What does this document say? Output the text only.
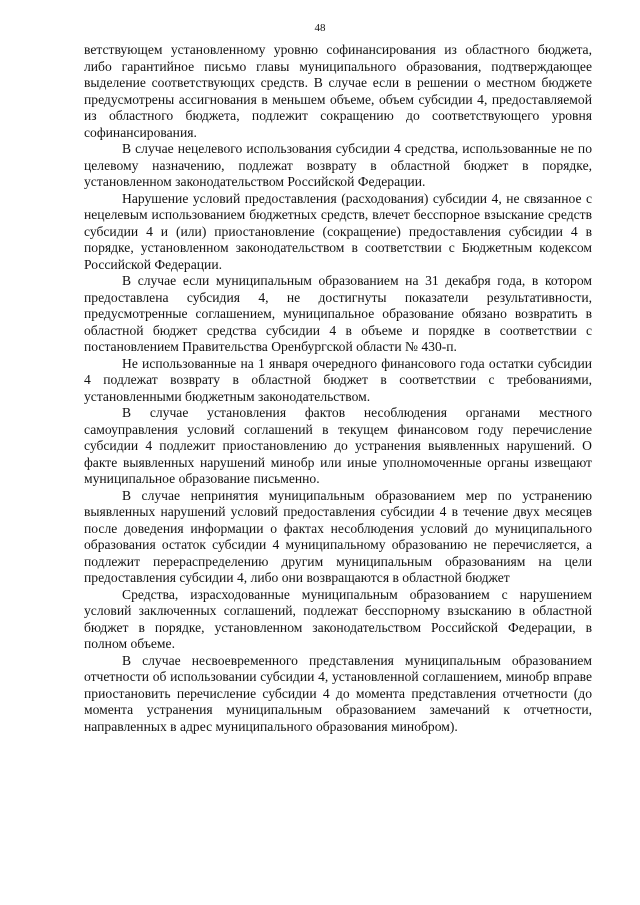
48

ветствующем установленному уровню софинансирования из областного бюджета, либо гарантийное письмо главы муниципального образования, подтверждающее выделение соответствующих средств. В случае если в решении о местном бюджете предусмотрены ассигнования в меньшем объеме, объем субсидии 4, предоставляемой из областного бюджета, подлежит сокращению до соответствующего уровня софинансирования.

В случае нецелевого использования субсидии 4 средства, использованные не по целевому назначению, подлежат возврату в областной бюджет в порядке, установленном законодательством Российской Федерации.

Нарушение условий предоставления (расходования) субсидии 4, не связанное с нецелевым использованием бюджетных средств, влечет бесспорное взыскание средств субсидии 4 и (или) приостановление (сокращение) предоставления субсидии 4 в порядке, установленном законодательством в соответствии с Бюджетным кодексом Российской Федерации.

В случае если муниципальным образованием на 31 декабря года, в котором предоставлена субсидия 4, не достигнуты показатели результативности, предусмотренные соглашением, муниципальное образование обязано возвратить в областной бюджет средства субсидии 4 в объеме и порядке в соответствии с постановлением Правительства Оренбургской области № 430-п.

Не использованные на 1 января очередного финансового года остатки субсидии 4 подлежат возврату в областной бюджет в соответствии с требованиями, установленными бюджетным законодательством.

В случае установления фактов несоблюдения органами местного самоуправления условий соглашений в текущем финансовом году перечисление субсидии 4 подлежит приостановлению до устранения выявленных нарушений. О факте выявленных нарушений минобр или иные уполномоченные органы извещают муниципальное образование письменно.

В случае непринятия муниципальным образованием мер по устранению выявленных нарушений условий предоставления субсидии 4 в течение двух месяцев после доведения информации о фактах несоблюдения условий до муниципального образования остаток субсидии 4 муниципальному образованию не перечисляется, а подлежит перераспределению другим муниципальным образованиям на цели предоставления субсидии 4, либо они возвращаются в областной бюджет

Средства, израсходованные муниципальным образованием с нарушением условий заключенных соглашений, подлежат бесспорному взысканию в областной бюджет в порядке, установленном законодательством Российской Федерации, в полном объеме.

В случае несвоевременного представления муниципальным образованием отчетности об использовании субсидии 4, установленной соглашением, минобр вправе приостановить перечисление субсидии 4 до момента представления отчетности (до момента устранения муниципальным образованием замечаний к отчетности, направленных в адрес муниципального образования минобром).
